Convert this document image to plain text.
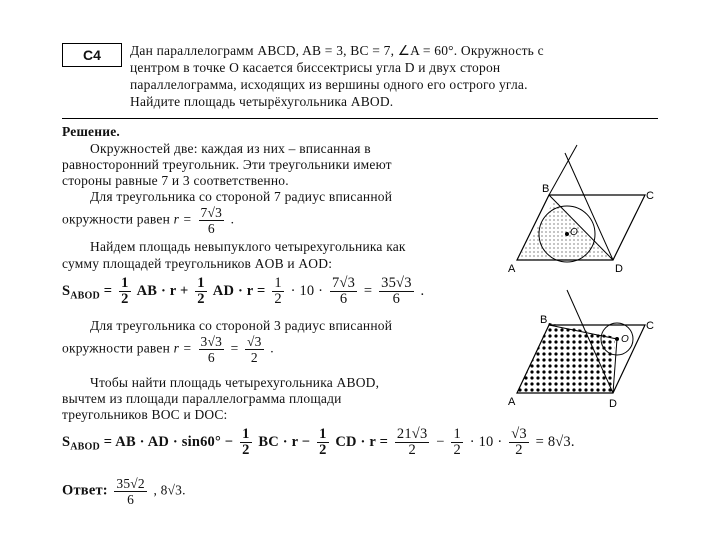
C4	Дан параллелограмм ABCD, AB = 3, BC = 7, ∠A = 60°. Окружность с
центром в точке O касается биссектрисы угла D и двух сторон
параллелограмма, исходящих из вершины одного его острого угла.
Найдите площадь четырёхугольника ABOD.
Решение.
Окружностей две: каждая из них – вписанная в
равносторонний треугольник. Эти треугольники имеют
стороны равные 7 и 3 соответственно.
Для треугольника со стороной 7 радиус вписанной
окружности равен $r = \frac{7√3}{6}$ .
Найдем площадь невыпуклого четырехугольника как
сумму площадей треугольников AOB и AOD:
$S_{ABOD} = \frac{1}{2}$ AB · $r + \frac{1}{2}$ AD · $r = \frac{1}{2} \cdot 10 \cdot \frac{7√3}{6} = \frac{35√3}{6}$ .
Для треугольника со стороной 3 радиус вписанной
окружности равен $r = \frac{3√3}{6} = \frac{√3}{2}$ .
Чтобы найти площадь четырехугольника ABOD,
вычтем из площади параллелограмма площади
треугольников BOC и DOC:
$S_{ABOD}$ = AB · AD · $\sin 60^\circ - \frac{1}{2}$ BC · $r - \frac{1}{2}$ CD · $r = \frac{21√3}{2} - \frac{1}{2} \cdot 10 \cdot \frac{√3}{2} = 8√3$.
Ответ: $\frac{35√2}{6}$ , 8√3.
B
C
A	D
O
B	C
A	D
O
